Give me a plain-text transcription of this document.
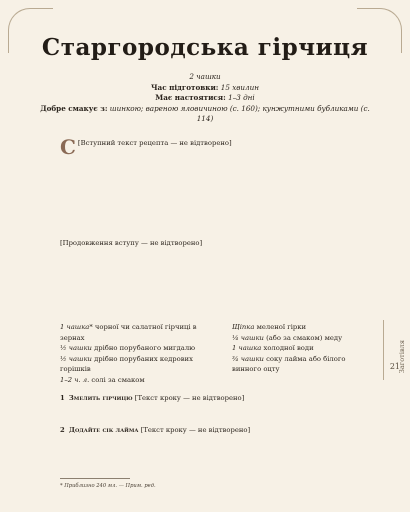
Старгородська гірчиця
2 чашки
Час підготовки: 15 хвилин
Має настоятися: 1–3 дні
Добре смакує з: шинкою; вареною яловичиною (с. 160); кунжутними бубликами (с. 114)
С [Вступний текст рецепта — не відтворено]
[Продовження вступу — не відтворено]
1 чашка* чорної чи салатної гірчиці в зернах
½ чашки дрібно порубаного мигдалю
½ чашки дрібно порубаних кедрових горішків
1–2 ч. л. солі за смаком
Щіпка меленої гірки
¼ чашки (або за смаком) меду
1 чашка холодної води
¾ чашки соку лайма або білого винного оцту
1 Змелить гірчицю [Текст кроку — не відтворено]
2 Додайте сік лайма [Текст кроку — не відтворено]
* Приблизно 240 мл. — Прим. ред.
Заготівля
21
